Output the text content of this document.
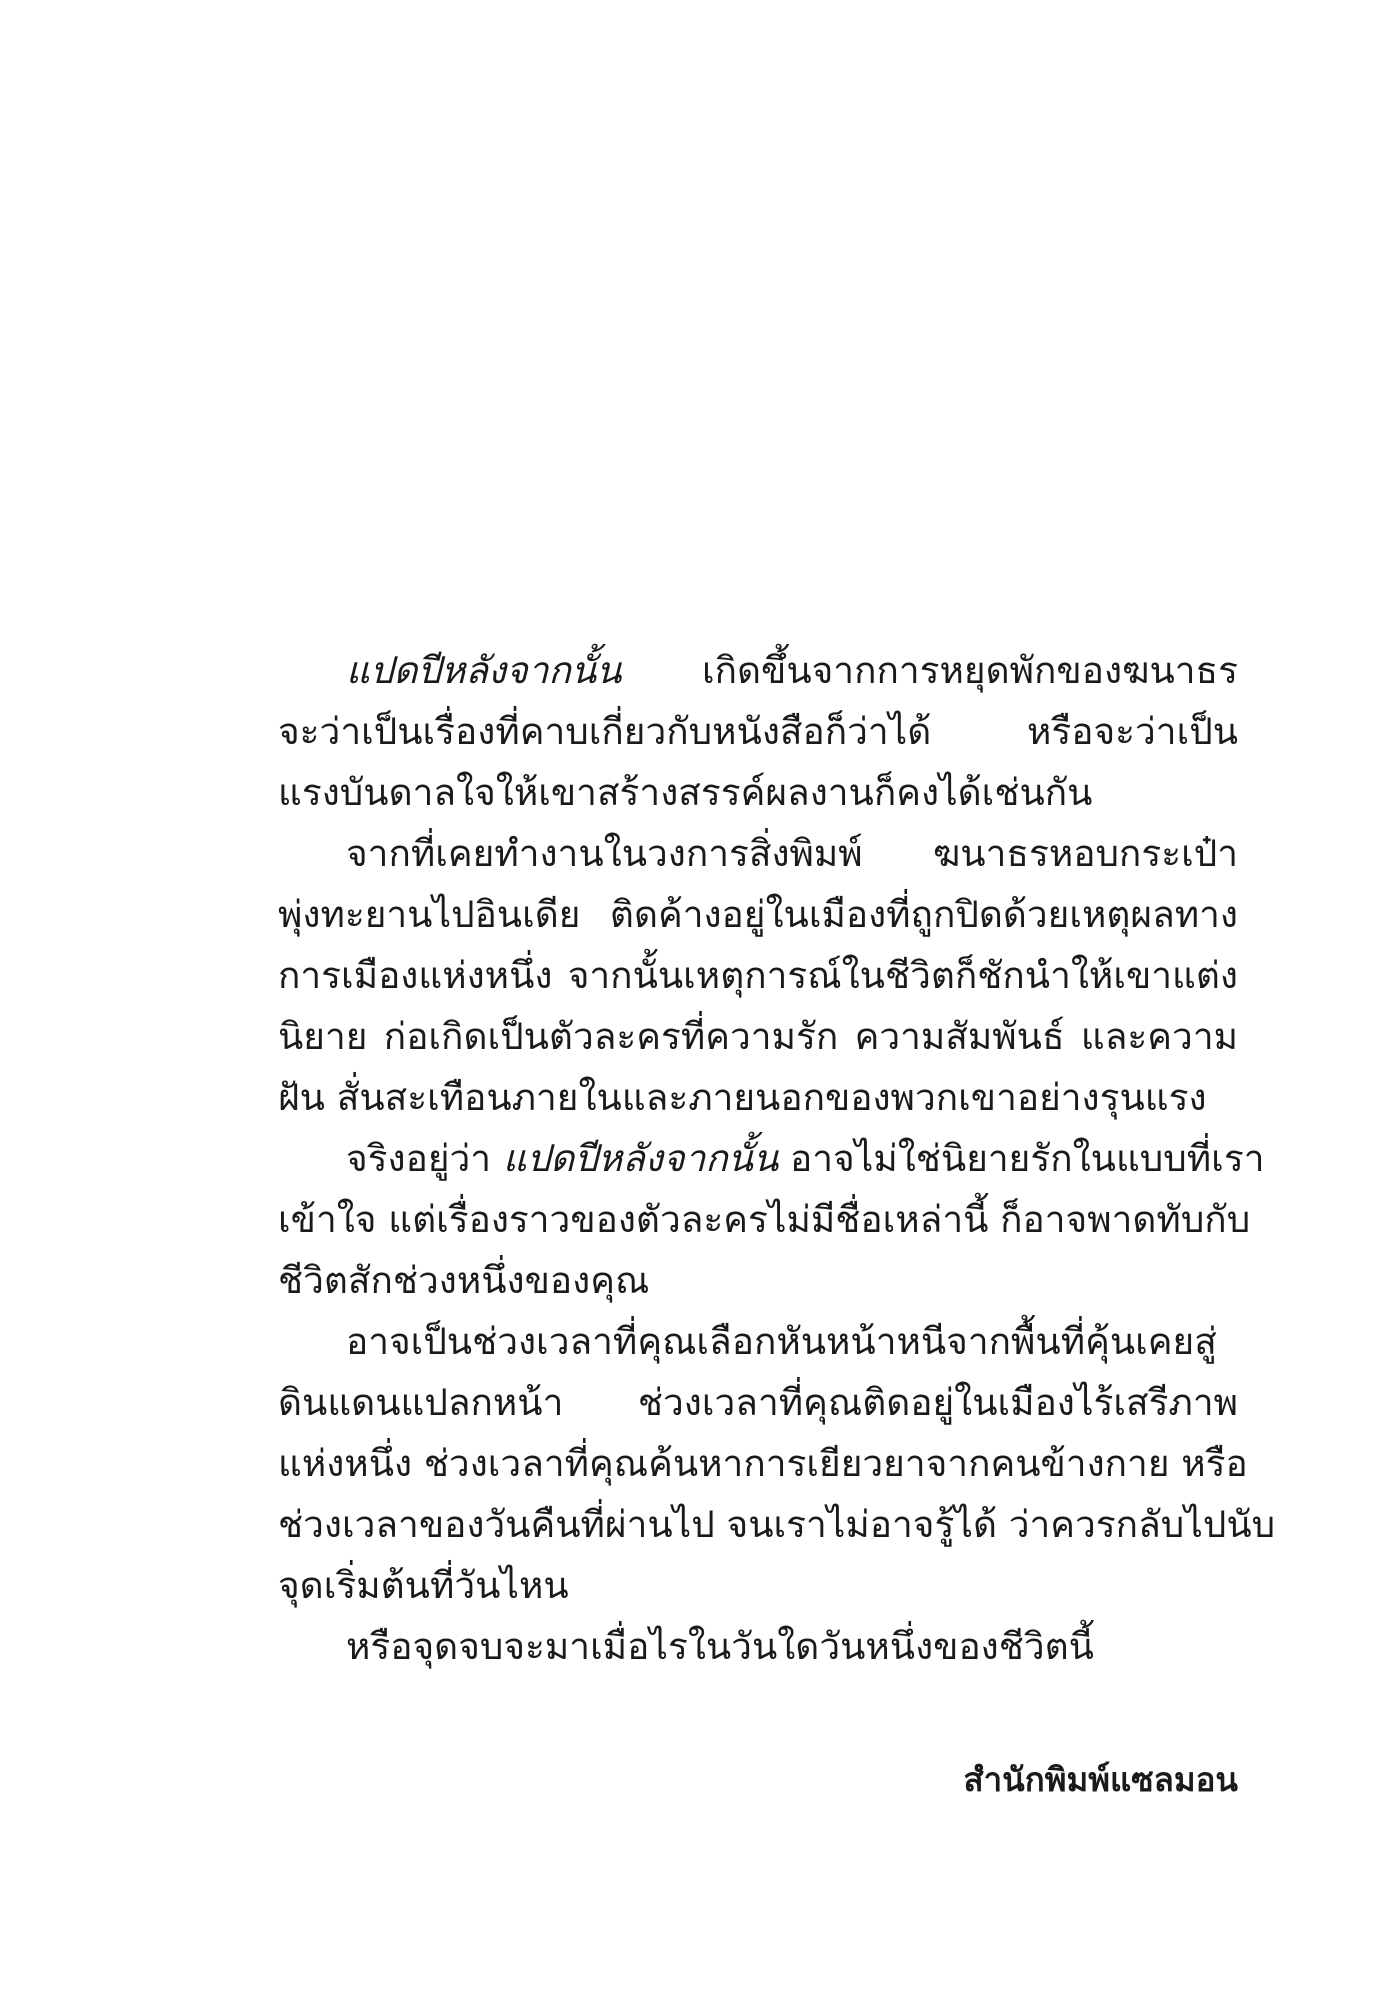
แปดปีหลังจากนั้น เกิดขึ้นจากการหยุดพักของฆนาธร
จะว่าเป็นเรื่องที่คาบเกี่ยวกับหนังสือก็ว่าได้ หรือจะว่าเป็น
แรงบันดาลใจให้เขาสร้างสรรค์ผลงานก็คงได้เช่นกัน
จากที่เคยทำงานในวงการสิ่งพิมพ์ ฆนาธรหอบกระเป๋า
พุ่งทะยานไปอินเดีย ติดค้างอยู่ในเมืองที่ถูกปิดด้วยเหตุผลทาง
การเมืองแห่งหนึ่ง จากนั้นเหตุการณ์ในชีวิตก็ชักนำให้เขาแต่ง
นิยาย ก่อเกิดเป็นตัวละครที่ความรัก ความสัมพันธ์ และความ
ฝัน สั่นสะเทือนภายในและภายนอกของพวกเขาอย่างรุนแรง
จริงอยู่ว่า แปดปีหลังจากนั้น อาจไม่ใช่นิยายรักในแบบที่เรา
เข้าใจ แต่เรื่องราวของตัวละครไม่มีชื่อเหล่านี้ ก็อาจพาดทับกับ
ชีวิตสักช่วงหนึ่งของคุณ
อาจเป็นช่วงเวลาที่คุณเลือกหันหน้าหนีจากพื้นที่คุ้นเคยสู่
ดินแดนแปลกหน้า ช่วงเวลาที่คุณติดอยู่ในเมืองไร้เสรีภาพ
แห่งหนึ่ง ช่วงเวลาที่คุณค้นหาการเยียวยาจากคนข้างกาย หรือ
ช่วงเวลาของวันคืนที่ผ่านไป จนเราไม่อาจรู้ได้ ว่าควรกลับไปนับ
จุดเริ่มต้นที่วันไหน
หรือจุดจบจะมาเมื่อไรในวันใดวันหนึ่งของชีวิตนี้
สำนักพิมพ์แซลมอน
